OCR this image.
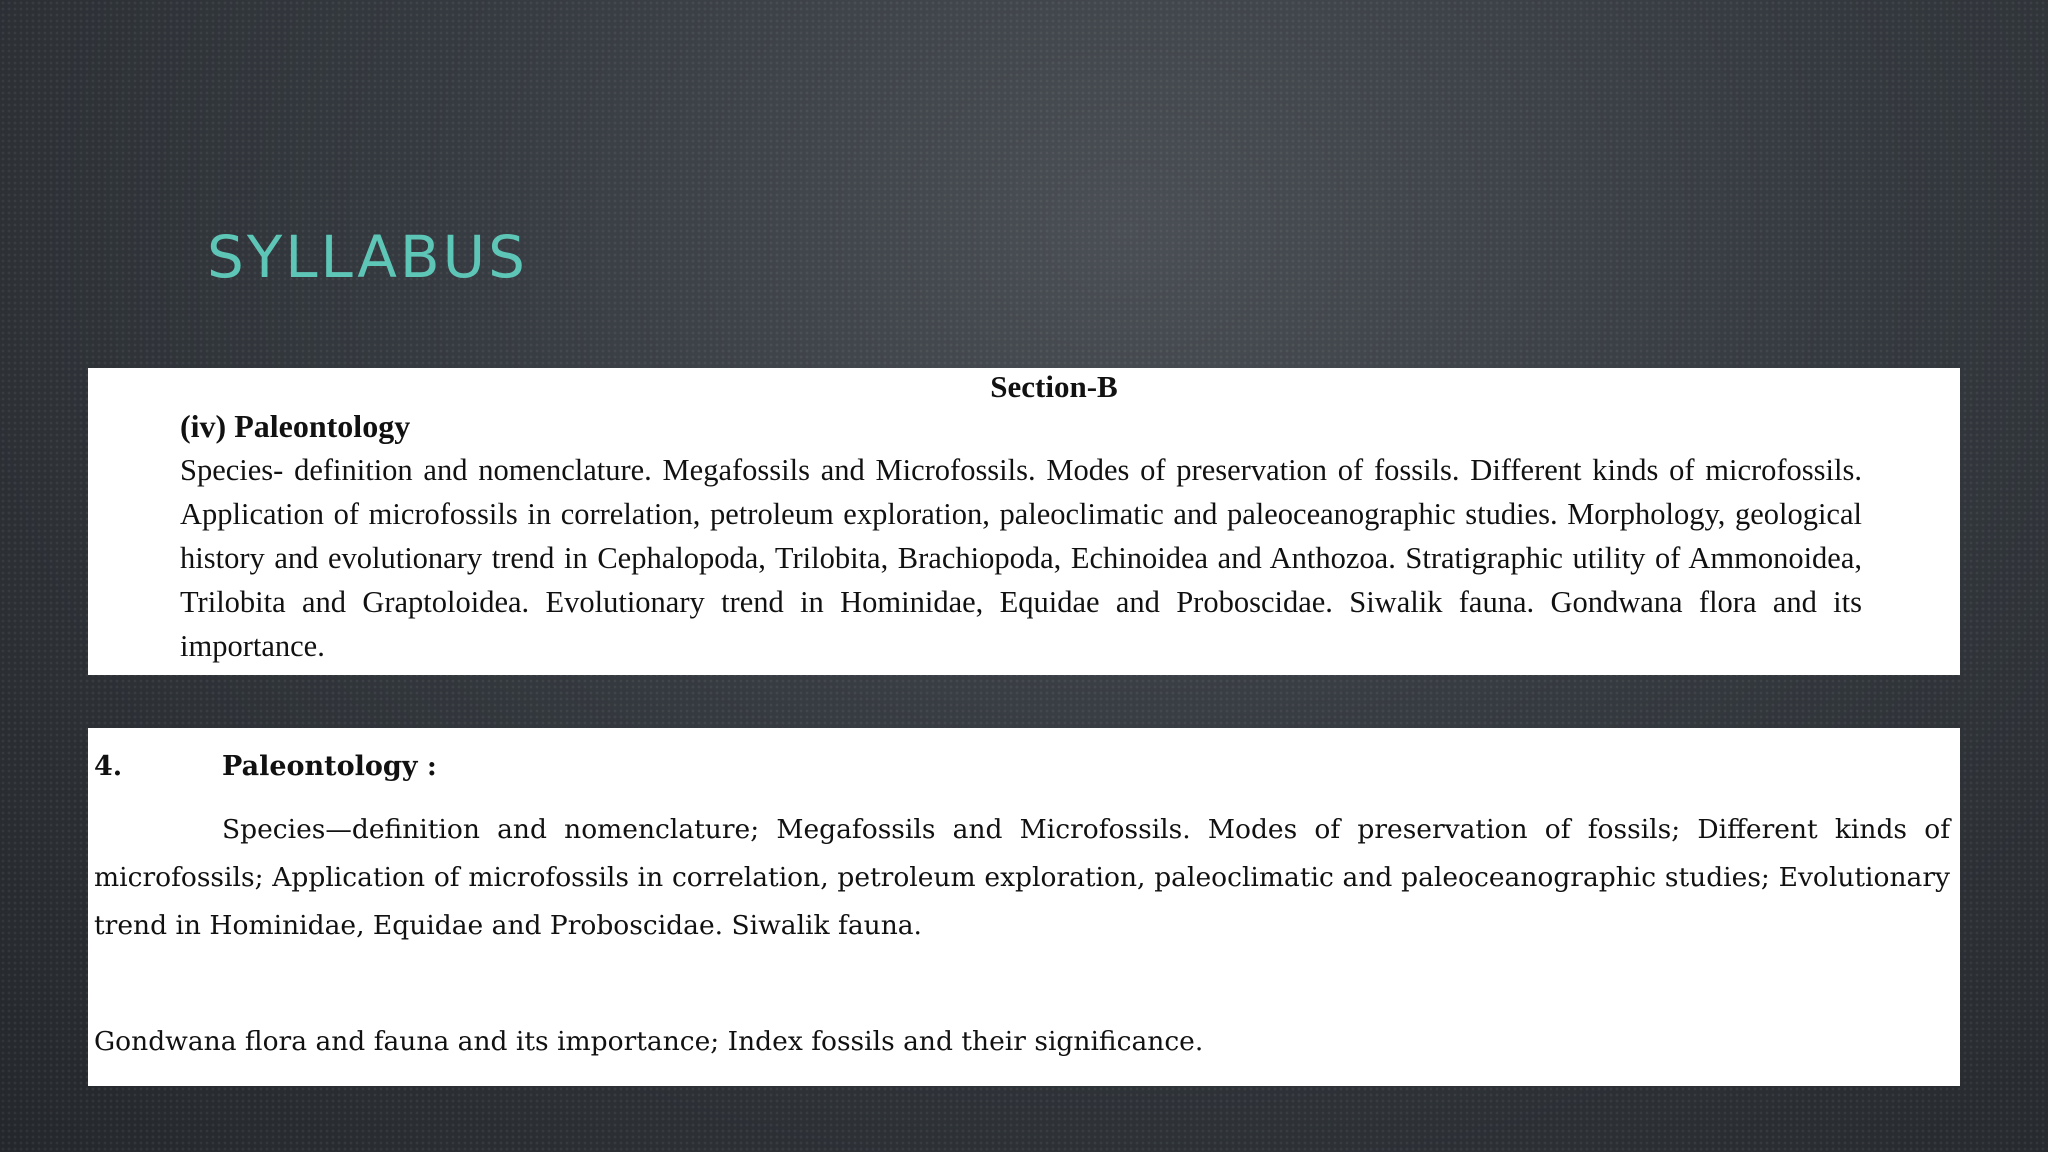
SYLLABUS
Section-B
(iv) Paleontology

Species- definition and nomenclature. Megafossils and Microfossils. Modes of preservation of fossils. Different kinds of microfossils. Application of microfossils in correlation, petroleum exploration, paleoclimatic and paleoceanographic studies. Morphology, geological history and evolutionary trend in Cephalopoda, Trilobita, Brachiopoda, Echinoidea and Anthozoa. Stratigraphic utility of Ammonoidea, Trilobita and Graptoloidea. Evolutionary trend in Hominidae, Equidae and Proboscidae. Siwalik fauna. Gondwana flora and its importance.

4.	Paleontology :

Species—definition and nomenclature; Megafossils and Microfossils. Modes of preservation of fossils; Different kinds of microfossils; Application of microfossils in correlation, petroleum exploration, paleoclimatic and paleoceanographic studies; Evolutionary trend in Hominidae, Equidae and Proboscidae. Siwalik fauna.

Gondwana flora and fauna and its importance; Index fossils and their significance.
